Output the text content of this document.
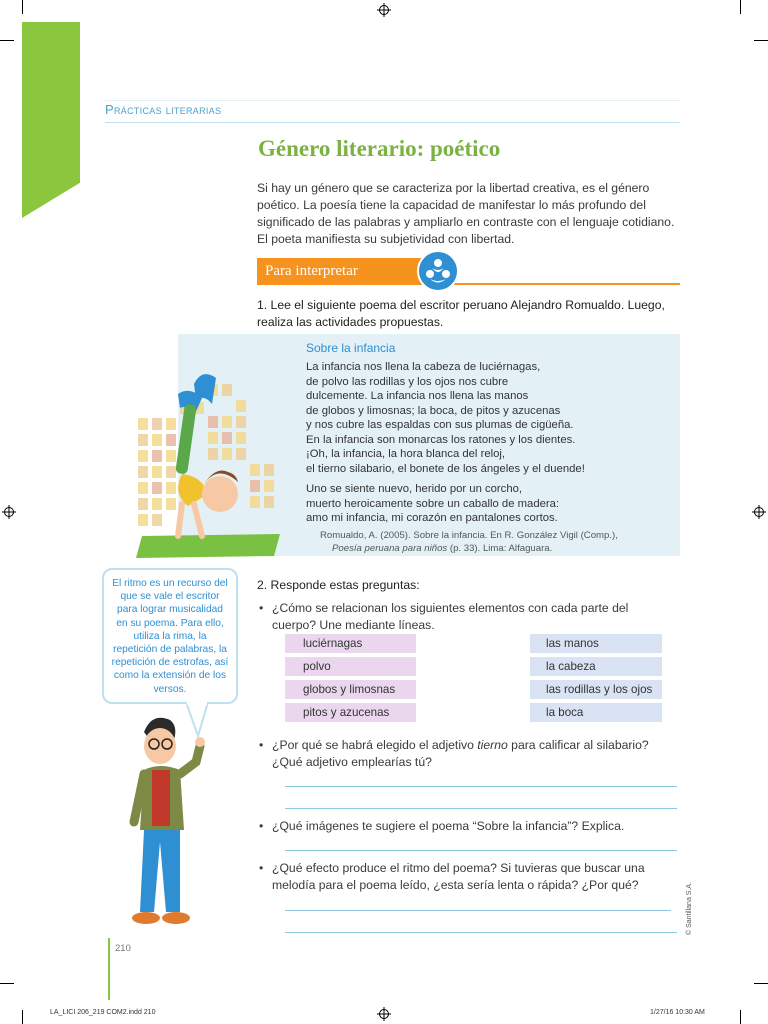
Prácticas literarias
Género literario: poético
Si hay un género que se caracteriza por la libertad creativa, es el género poético. La poesía tiene la capacidad de manifestar lo más profundo del significado de las palabras y ampliarlo en contraste con el lenguaje cotidiano. El poeta manifiesta su subjetividad con libertad.
Para interpretar
1. Lee el siguiente poema del escritor peruano Alejandro Romualdo. Luego, realiza las actividades propuestas.
Sobre la infancia
La infancia nos llena la cabeza de luciérnagas,
de polvo las rodillas y los ojos nos cubre
dulcemente. La infancia nos llena las manos
de globos y limosnas; la boca, de pitos y azucenas
y nos cubre las espaldas con sus plumas de cigüeña.
En la infancia son monarcas los ratones y los dientes.
¡Oh, la infancia, la hora blanca del reloj,
el tierno silabario, el bonete de los ángeles y el duende!
Uno se siente nuevo, herido por un corcho,
muerto heroicamente sobre un caballo de madera:
amo mi infancia, mi corazón en pantalones cortos.
Romualdo, A. (2005). Sobre la infancia. En R. González Vigil (Comp.),
Poesía peruana para niños (p. 33). Lima: Alfaguara.
El ritmo es un recurso del que se vale el escritor para lograr musicalidad en su poema. Para ello, utiliza la rima, la repetición de palabras, la repetición de estrofas, así como la extensión de los versos.
2. Responde estas preguntas:
• ¿Cómo se relacionan los siguientes elementos con cada parte del cuerpo? Une mediante líneas.
luciérnagas
polvo
globos y limosnas
pitos y azucenas
las manos
la cabeza
las rodillas y los ojos
la boca
• ¿Por qué se habrá elegido el adjetivo tierno para calificar al silabario? ¿Qué adjetivo emplearías tú?
• ¿Qué imágenes te sugiere el poema “Sobre la infancia”? Explica.
• ¿Qué efecto produce el ritmo del poema? Si tuvieras que buscar una melodía para el poema leído, ¿esta sería lenta o rápida? ¿Por qué?
210
© Santillana S.A.
LA_LICI 206_219 COM2.indd 210	1/27/16 10:30 AM
